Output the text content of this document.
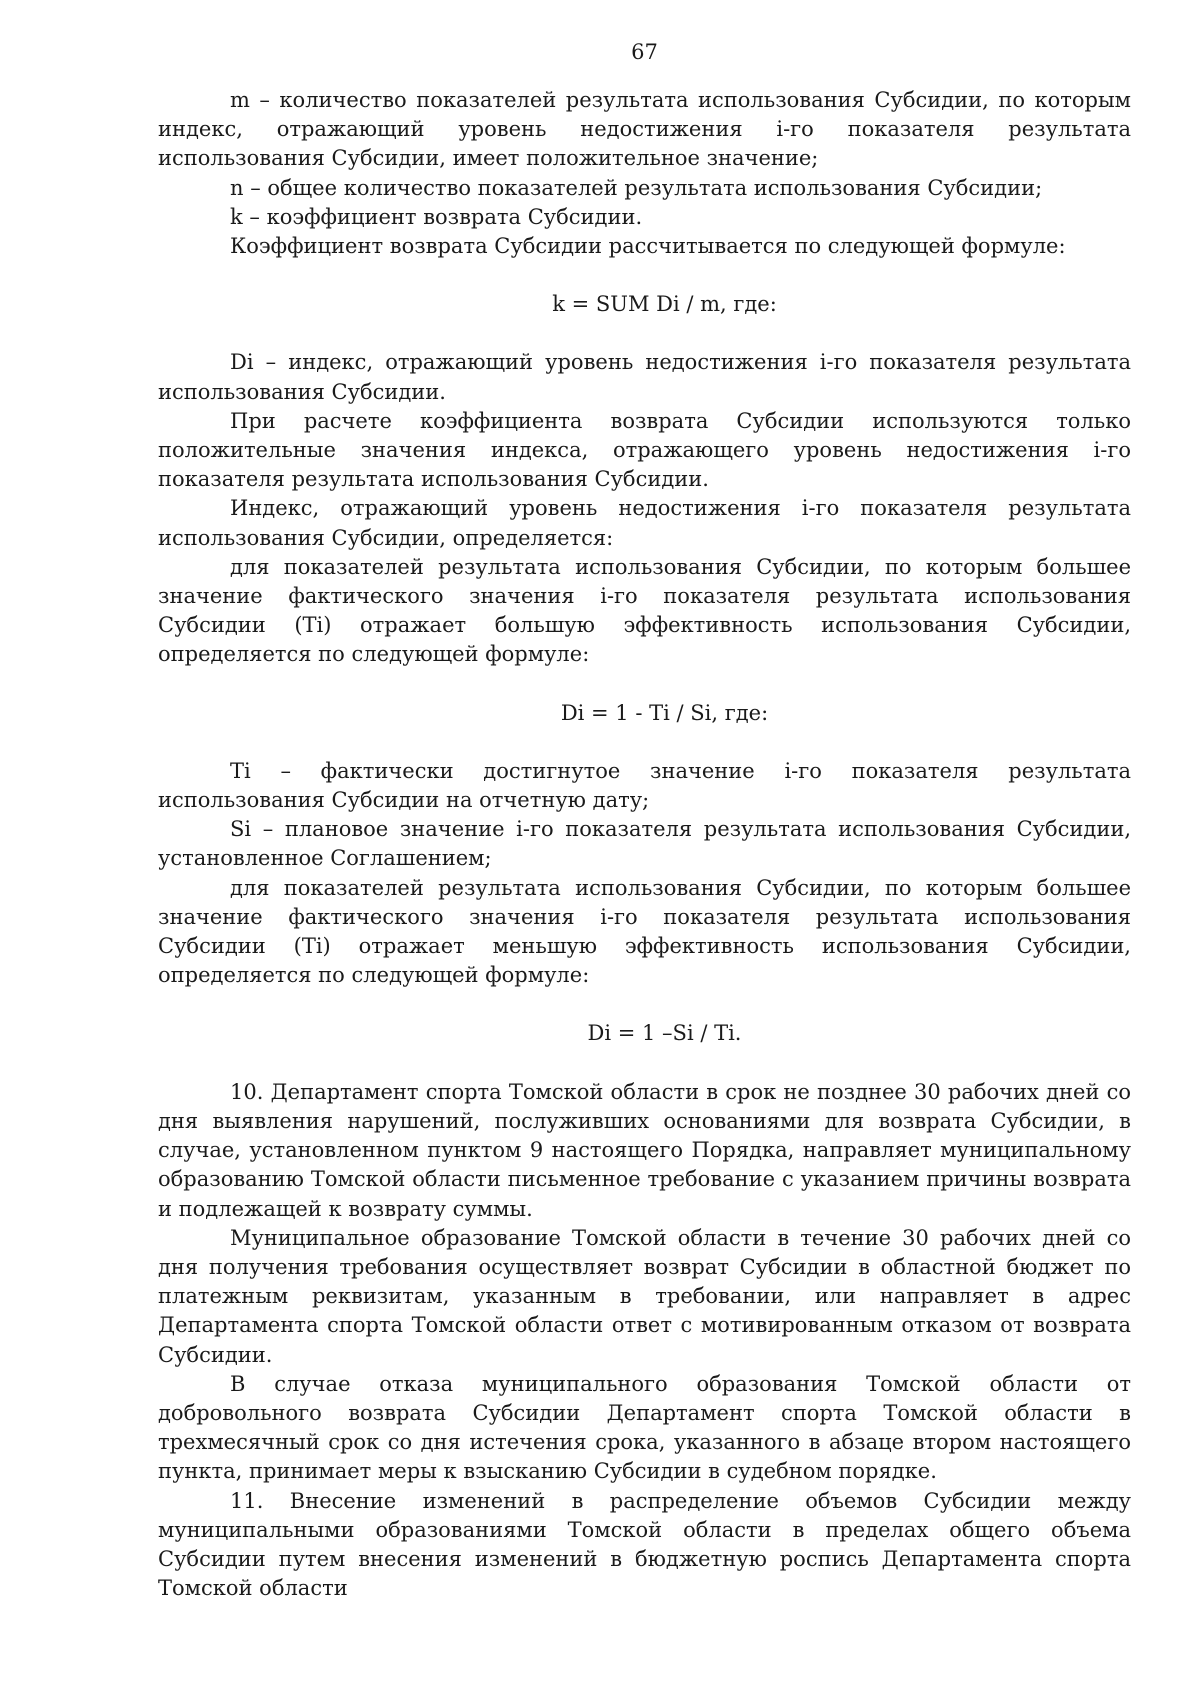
67

m – количество показателей результата использования Субсидии, по которым индекс, отражающий уровень недостижения i-го показателя результата использования Субсидии, имеет положительное значение;

n – общее количество показателей результата использования Субсидии;

k – коэффициент возврата Субсидии.

Коэффициент возврата Субсидии рассчитывается по следующей формуле:

k = SUM Di / m, где:

Di – индекс, отражающий уровень недостижения i-го показателя результата использования Субсидии.

При расчете коэффициента возврата Субсидии используются только положительные значения индекса, отражающего уровень недостижения i-го показателя результата использования Субсидии.

Индекс, отражающий уровень недостижения i-го показателя результата использования Субсидии, определяется:

для показателей результата использования Субсидии, по которым большее значение фактического значения i-го показателя результата использования Субсидии (Ti) отражает большую эффективность использования Субсидии, определяется по следующей формуле:

Di = 1 - Ti / Si, где:

Ti – фактически достигнутое значение i-го показателя результата использования Субсидии на отчетную дату;

Si – плановое значение i-го показателя результата использования Субсидии, установленное Соглашением;

для показателей результата использования Субсидии, по которым большее значение фактического значения i-го показателя результата использования Субсидии (Ti) отражает меньшую эффективность использования Субсидии, определяется по следующей формуле:

Di = 1 –Si / Ti.

10. Департамент спорта Томской области в срок не позднее 30 рабочих дней со дня выявления нарушений, послуживших основаниями для возврата Субсидии, в случае, установленном пунктом 9 настоящего Порядка, направляет муниципальному образованию Томской области письменное требование с указанием причины возврата и подлежащей к возврату суммы.

Муниципальное образование Томской области в течение 30 рабочих дней со дня получения требования осуществляет возврат Субсидии в областной бюджет по платежным реквизитам, указанным в требовании, или направляет в адрес Департамента спорта Томской области ответ с мотивированным отказом от возврата Субсидии.

В случае отказа муниципального образования Томской области от добровольного возврата Субсидии Департамент спорта Томской области в трехмесячный срок со дня истечения срока, указанного в абзаце втором настоящего пункта, принимает меры к взысканию Субсидии в судебном порядке.

11. Внесение изменений в распределение объемов Субсидии между муниципальными образованиями Томской области в пределах общего объема Субсидии путем внесения изменений в бюджетную роспись Департамента спорта Томской области
